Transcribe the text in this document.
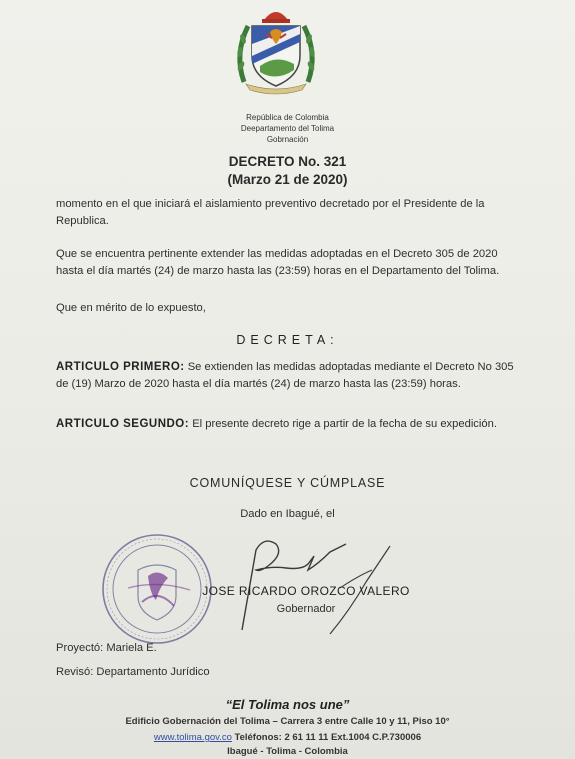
República de Colombia
Deepartamento del Tolima
Gobrnación
DECRETO No. 321
(Marzo 21 de 2020)
momento en el que iniciará el aislamiento preventivo decretado por el Presidente de la Republica.
Que se encuentra pertinente extender las medidas adoptadas en el Decreto 305 de 2020 hasta el día martés (24) de marzo hasta las (23:59) horas en el Departamento del Tolima.
Que en mérito de lo expuesto,
DECRETA:
ARTICULO PRIMERO: Se extienden las medidas adoptadas mediante el Decreto No 305 de (19) Marzo de 2020 hasta el día martés (24) de marzo hasta las (23:59) horas.
ARTICULO SEGUNDO: El presente decreto rige a partir de la fecha de su expedición.
COMUNÍQUESE Y CÚMPLASE
Dado en Ibagué, el
JOSE RICARDO OROZCO VALERO
Gobernador
Proyectó: Mariela E.
Revisó: Departamento Jurídico
“El Tolima nos une”
Edificio Gobernación del Tolima – Carrera 3 entre Calle 10 y 11, Piso 10°
www.tolima.gov.co Teléfonos: 2 61 11 11 Ext.1004 C.P.730006
Ibagué - Tolima - Colombia
